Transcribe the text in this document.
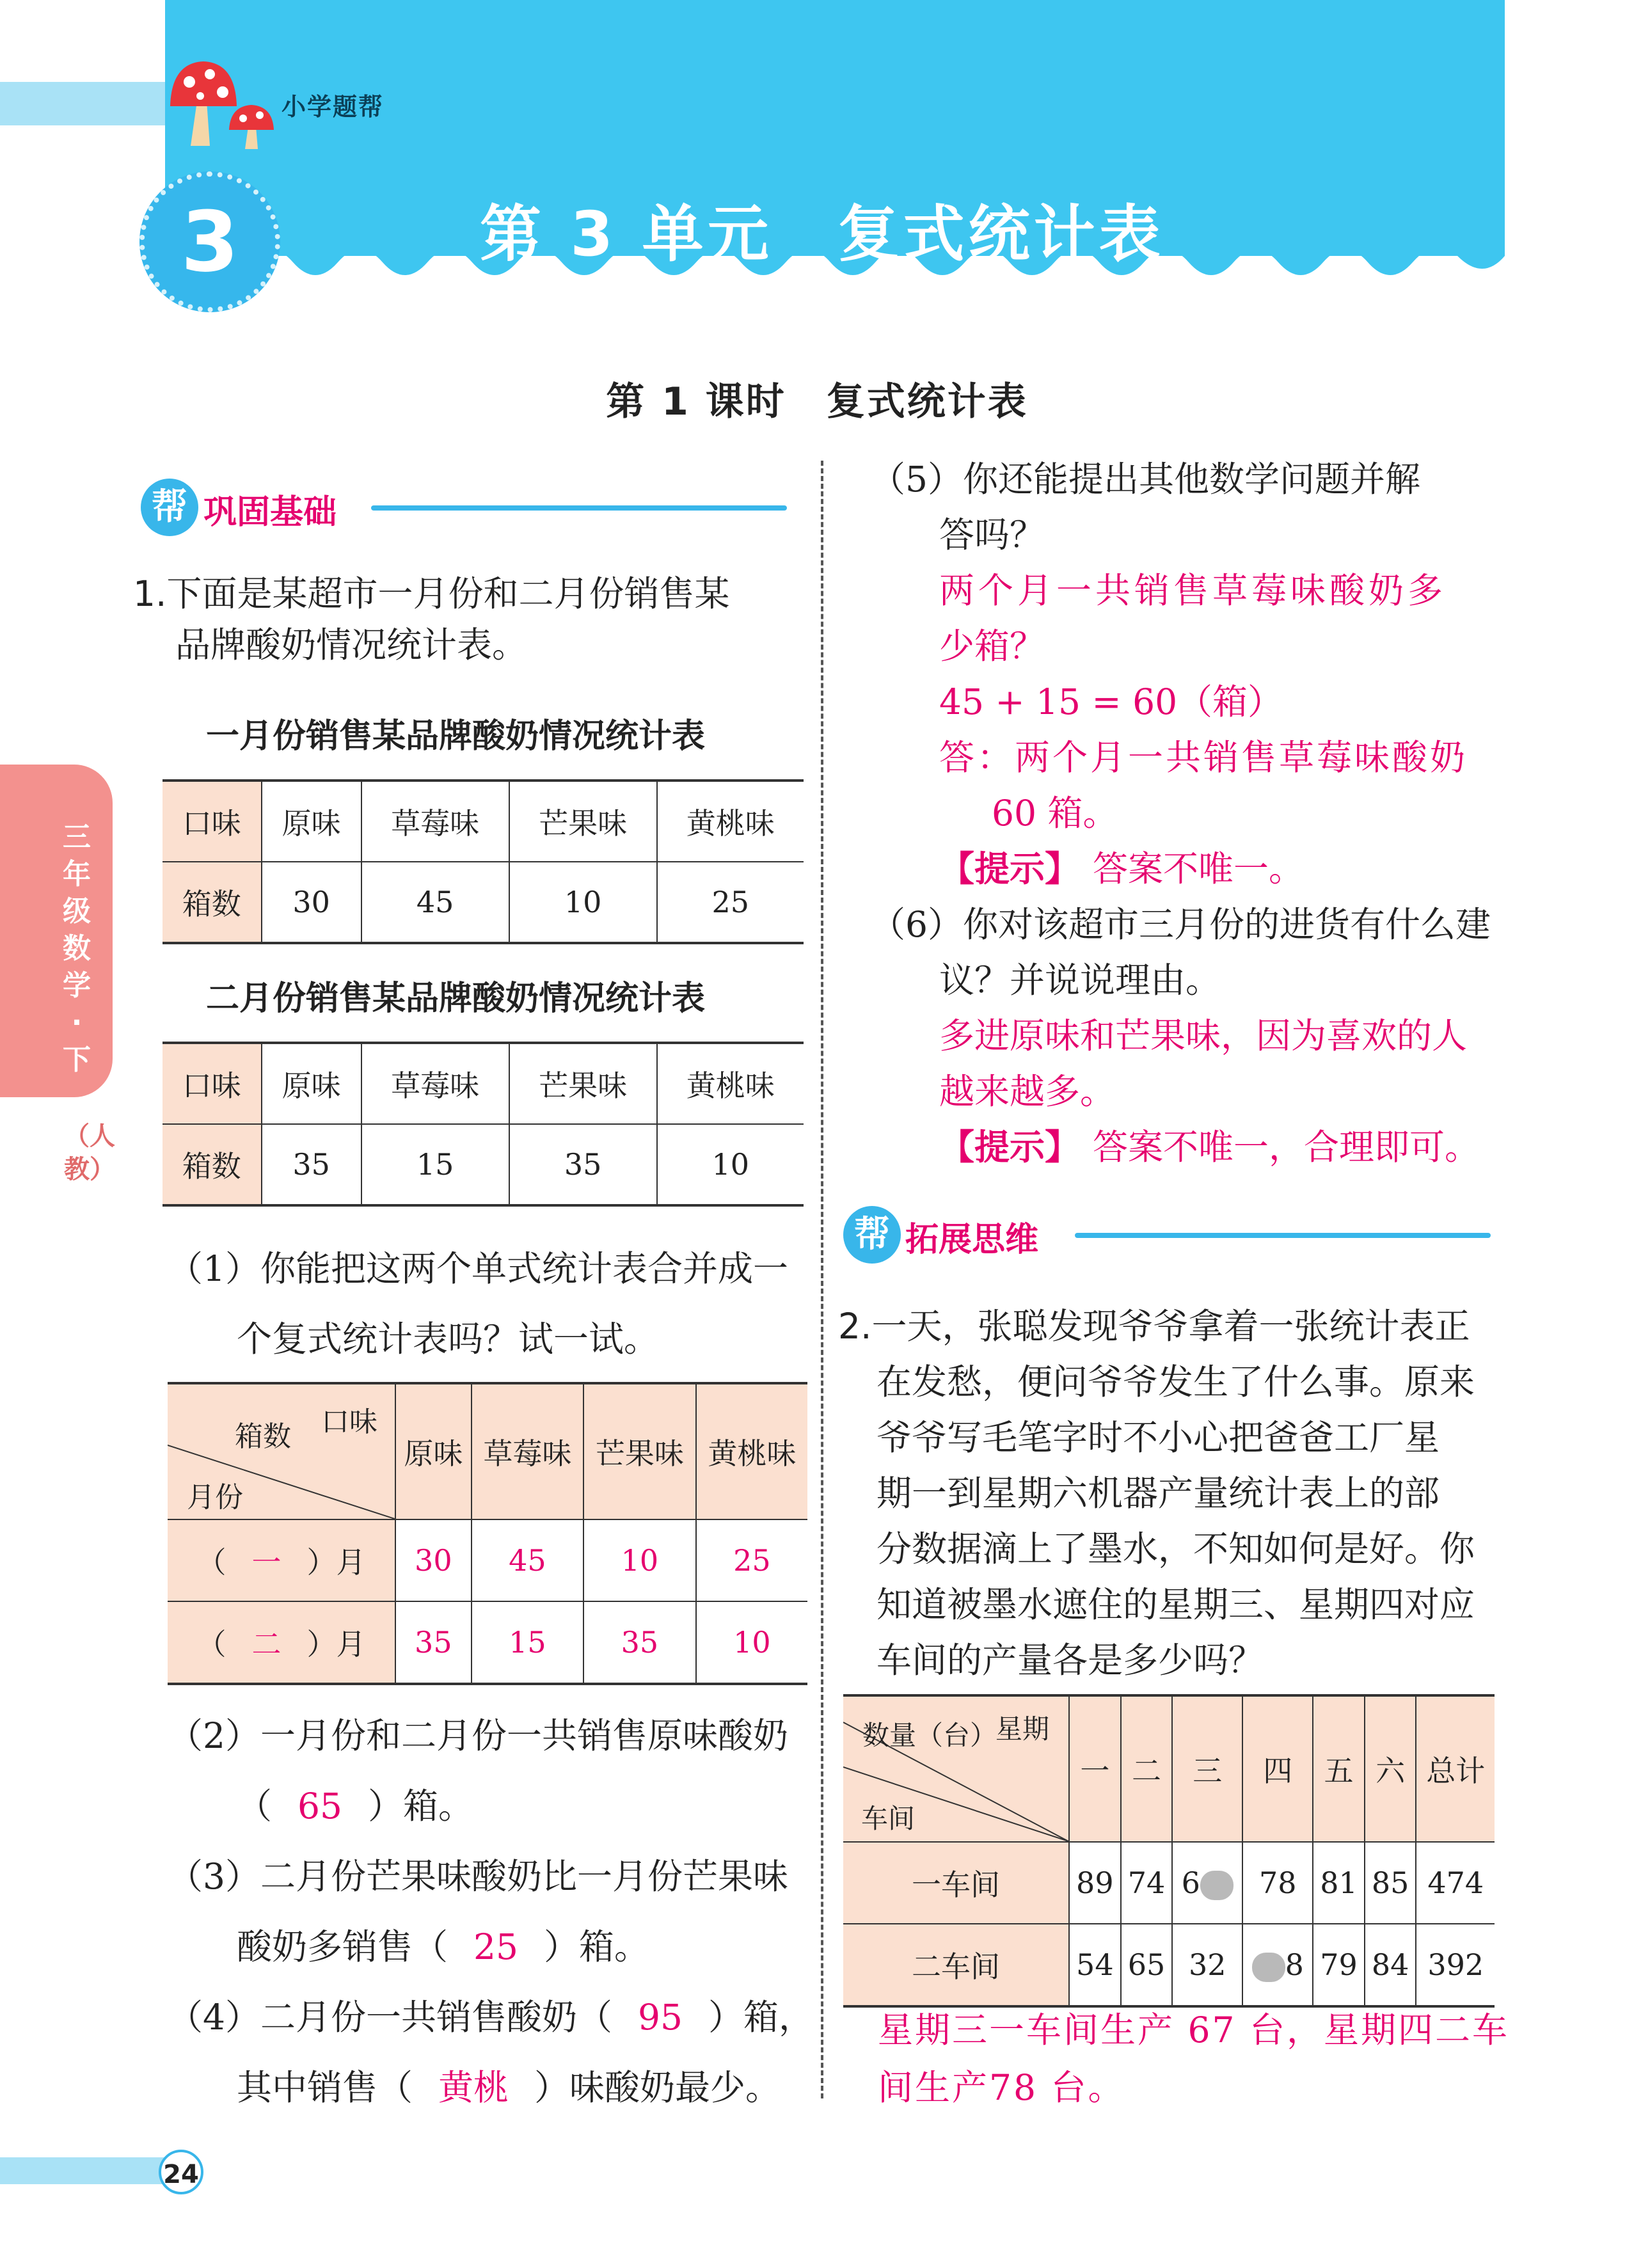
小学题帮
3	第 3 单元　复式统计表
第 1 课时　复式统计表
三年级数学·下
（人教）
帮 巩固基础
1.下面是某超市一月份和二月份销售某
品牌酸奶情况统计表。
一月份销售某品牌酸奶情况统计表
口味	原味	草莓味	芒果味	黄桃味
箱数	30	45	10	25
二月份销售某品牌酸奶情况统计表
口味	原味	草莓味	芒果味	黄桃味
箱数	35	15	35	10
（1）你能把这两个单式统计表合并成一
个复式统计表吗？试一试。
口味
箱数
月份	原味	草莓味	芒果味	黄桃味
（ 一 ）月	30	45	10	25
（ 二 ）月	35	15	35	10
（2）一月份和二月份一共销售原味酸奶
（ 65 ）箱。
（3）二月份芒果味酸奶比一月份芒果味
酸奶多销售（ 25 ）箱。
（4）二月份一共销售酸奶（ 95 ）箱，
其中销售（ 黄桃 ）味酸奶最少。
（5）你还能提出其他数学问题并解
答吗？
两个月一共销售草莓味酸奶多
少箱？
45 + 15 = 60（箱）
答：两个月一共销售草莓味酸奶
60 箱。
【提示】 答案不唯一。
（6）你对该超市三月份的进货有什么建
议？并说说理由。
多进原味和芒果味，因为喜欢的人
越来越多。
【提示】 答案不唯一，合理即可。
帮 拓展思维
2.一天，张聪发现爷爷拿着一张统计表正
在发愁，便问爷爷发生了什么事。原来
爷爷写毛笔字时不小心把爸爸工厂星
期一到星期六机器产量统计表上的部
分数据滴上了墨水，不知如何是好。你
知道被墨水遮住的星期三、星期四对应
车间的产量各是多少吗？
星期
数量（台）
车间	一	二	三	四	五	六	总计
一车间	89	74	6	78	81	85	474
二车间	54	65	32	8	79	84	392
星期三一车间生产 67 台，星期四二车
间生产78 台。
24
